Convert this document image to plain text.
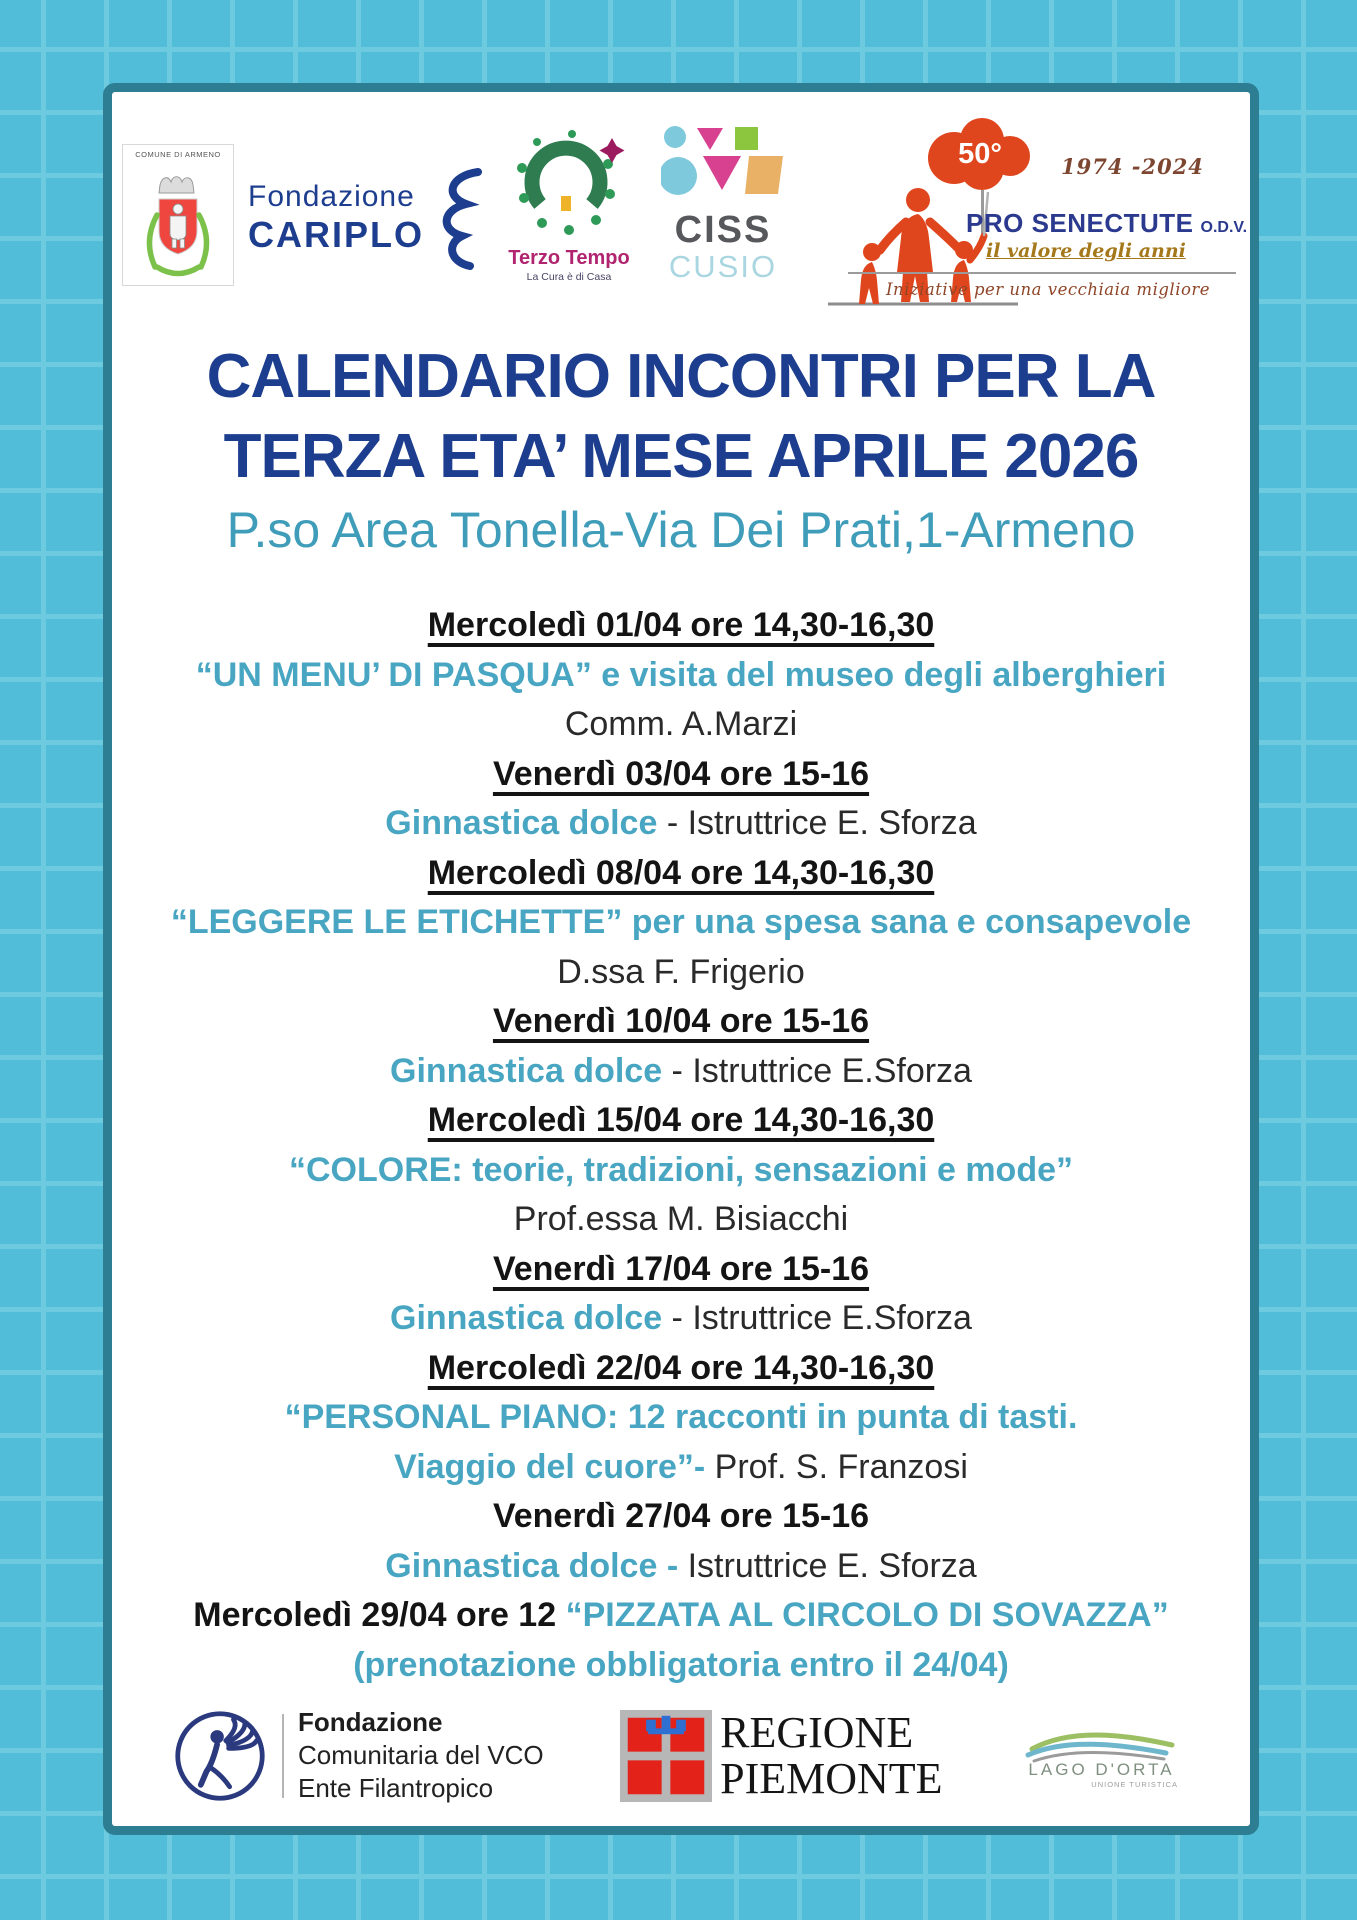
COMUNE DI ARMENO
Fondazione
CARIPLO
Terzo Tempo
La Cura è di Casa
CISS
CUSIO
50°	1974 -2024
PRO SENECTUTE O.D.V.
il valore degli anni
Iniziative per una vecchiaia migliore
CALENDARIO INCONTRI PER LA
TERZA ETA’ MESE APRILE 2026
P.so Area Tonella-Via Dei Prati,1-Armeno
Mercoledì 01/04 ore 14,30-16,30
“UN MENU’ DI PASQUA” e visita del museo degli alberghieri
Comm. A.Marzi
Venerdì 03/04 ore 15-16
Ginnastica dolce - Istruttrice E. Sforza
Mercoledì 08/04 ore 14,30-16,30
“LEGGERE LE ETICHETTE” per una spesa sana e consapevole
D.ssa F. Frigerio
Venerdì 10/04 ore 15-16
Ginnastica dolce - Istruttrice E.Sforza
Mercoledì 15/04 ore 14,30-16,30
“COLORE: teorie, tradizioni, sensazioni e mode”
Prof.essa M. Bisiacchi
Venerdì 17/04 ore 15-16
Ginnastica dolce - Istruttrice E.Sforza
Mercoledì 22/04 ore 14,30-16,30
“PERSONAL PIANO: 12 racconti in punta di tasti.
Viaggio del cuore”- Prof. S. Franzosi
Venerdì 27/04 ore 15-16
Ginnastica dolce - Istruttrice E. Sforza
Mercoledì 29/04 ore 12 “PIZZATA AL CIRCOLO DI SOVAZZA”
(prenotazione obbligatoria entro il 24/04)
Fondazione
Comunitaria del VCO
Ente Filantropico
REGIONE
PIEMONTE	LAGO D'ORTA
UNIONE TURISTICA
